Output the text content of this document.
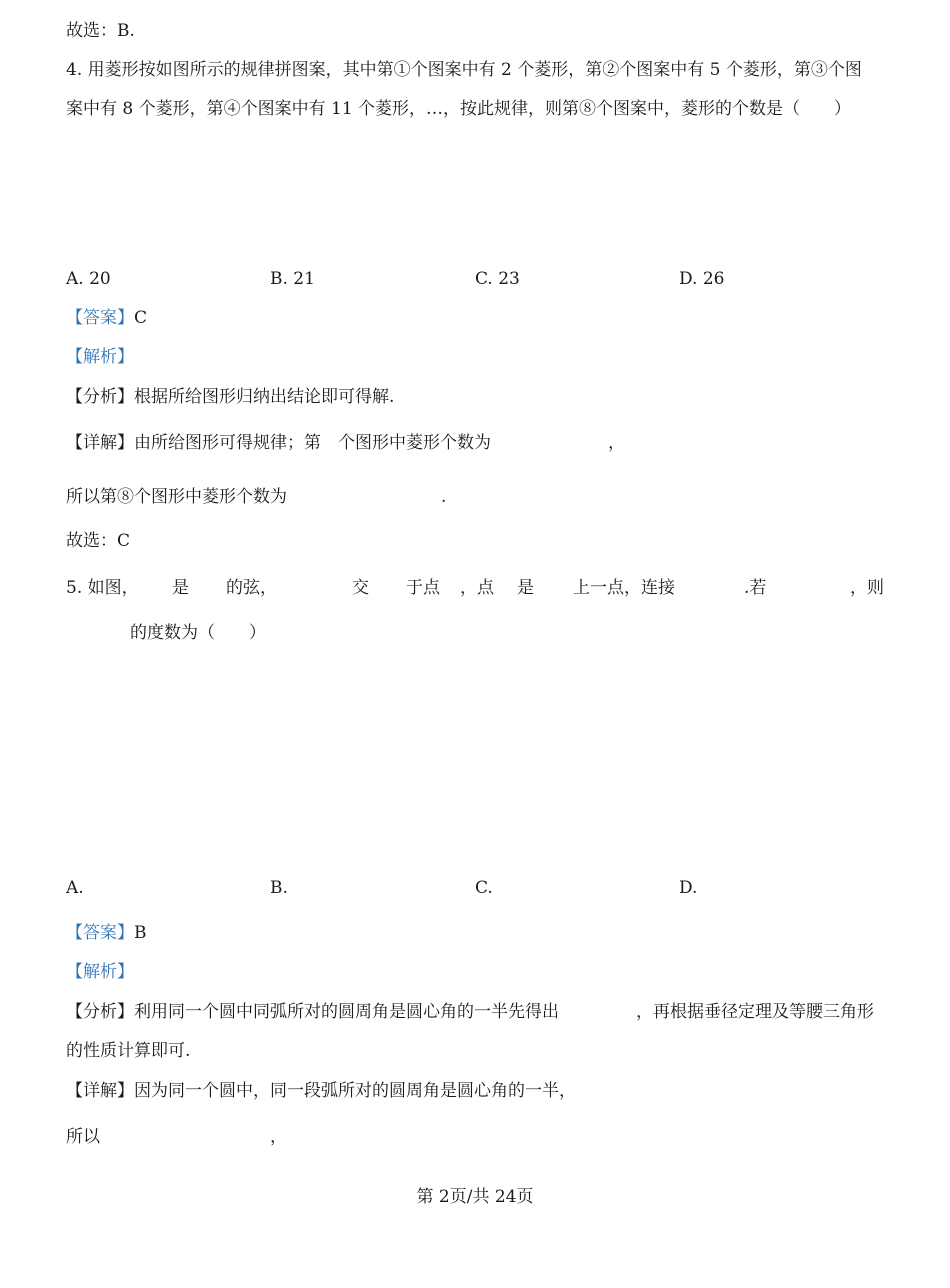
故选：B.
4. 用菱形按如图所示的规律拼图案，其中第①个图案中有 2 个菱形，第②个图案中有 5 个菱形，第③个图
案中有 8 个菱形，第④个图案中有 11 个菱形，…，按此规律，则第⑧个图案中，菱形的个数是（　　）
A. 20	B. 21	C. 23	D. 26
【答案】C
【解析】
【分析】根据所给图形归纳出结论即可得解.
【详解】由所给图形可得规律；第　个图形中菱形个数为	，
所以第⑧个图形中菱形个数为	.
故选：C
5. 如图， 是 的弦，	交 于点 ，点 是 上一点，连接	.若	，则
的度数为（　　）
A.	B.	C.	D.
【答案】B
【解析】
【分析】利用同一个圆中同弧所对的圆周角是圆心角的一半先得出	，再根据垂径定理及等腰三角形
的性质计算即可.
【详解】因为同一个圆中，同一段弧所对的圆周角是圆心角的一半，
所以	，
第 2页/共 24页
